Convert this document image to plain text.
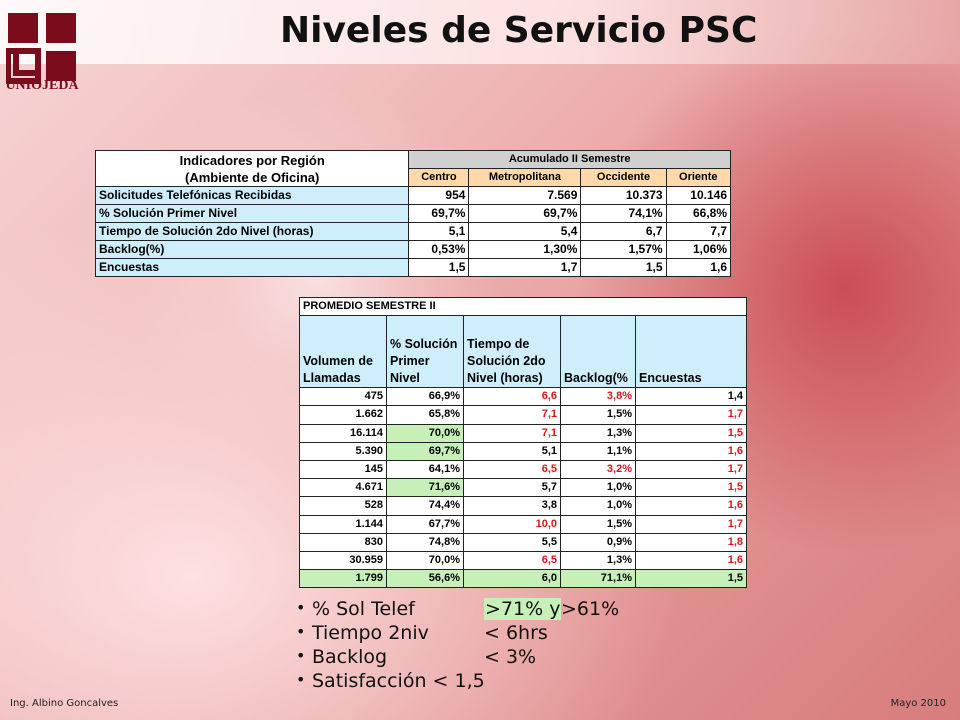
UNIOJEDA
Niveles de Servicio PSC
Indicadores por Región
(Ambiente de Oficina)	Acumulado II Semestre			
	Centro	Metropolitana	Occidente	Oriente
Solicitudes Telefónicas Recibidas	954	7.569	10.373	10.146
% Solución Primer Nivel	69,7%	69,7%	74,1%	66,8%
Tiempo de Solución 2do Nivel (horas)	5,1	5,4	6,7	7,7
Backlog(%)	0,53%	1,30%	1,57%	1,06%
Encuestas	1,5	1,7	1,5	1,6
PROMEDIO SEMESTRE II				
Volumen de Llamadas	% Solución Primer Nivel	Tiempo de Solución 2do Nivel (horas)	Backlog(%	Encuestas
475	66,9%	6,6	3,8%	1,4
1.662	65,8%	7,1	1,5%	1,7
16.114	70,0%	7,1	1,3%	1,5
5.390	69,7%	5,1	1,1%	1,6
145	64,1%	6,5	3,2%	1,7
4.671	71,6%	5,7	1,0%	1,5
528	74,4%	3,8	1,0%	1,6
1.144	67,7%	10,0	1,5%	1,7
830	74,8%	5,5	0,9%	1,8
30.959	70,0%	6,5	1,3%	1,6
1.799	56,6%	6,0	71,1%	1,5
• % Sol Telef	>71% y >61%
• Tiempo 2niv	< 6hrs
• Backlog	< 3%
• Satisfacción < 1,5
Ing. Albino Goncalves	Mayo 2010
